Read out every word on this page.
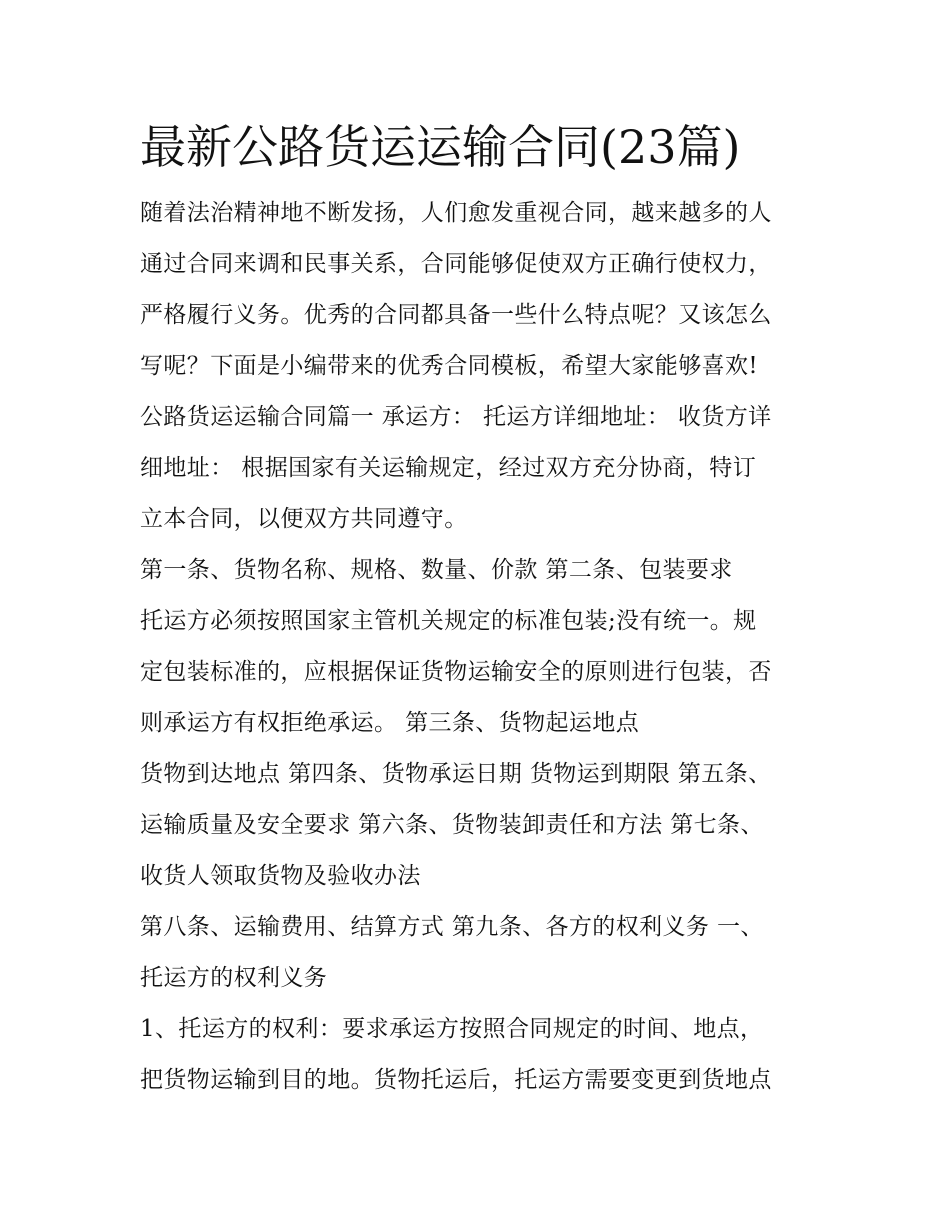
最新公路货运运输合同(23篇)
随着法治精神地不断发扬，人们愈发重视合同，越来越多的人
通过合同来调和民事关系，合同能够促使双方正确行使权力，
严格履行义务。优秀的合同都具备一些什么特点呢？又该怎么
写呢？下面是小编带来的优秀合同模板，希望大家能够喜欢!
公路货运运输合同篇一 承运方： 托运方详细地址： 收货方详
细地址： 根据国家有关运输规定，经过双方充分协商，特订
立本合同，以便双方共同遵守。
第一条、货物名称、规格、数量、价款 第二条、包装要求
托运方必须按照国家主管机关规定的标准包装;没有统一。规
定包装标准的，应根据保证货物运输安全的原则进行包装，否
则承运方有权拒绝承运。 第三条、货物起运地点
货物到达地点 第四条、货物承运日期 货物运到期限 第五条、
运输质量及安全要求 第六条、货物装卸责任和方法 第七条、
收货人领取货物及验收办法
第八条、运输费用、结算方式 第九条、各方的权利义务 一、
托运方的权利义务
1、托运方的权利：要求承运方按照合同规定的时间、地点，
把货物运输到目的地。货物托运后，托运方需要变更到货地点
